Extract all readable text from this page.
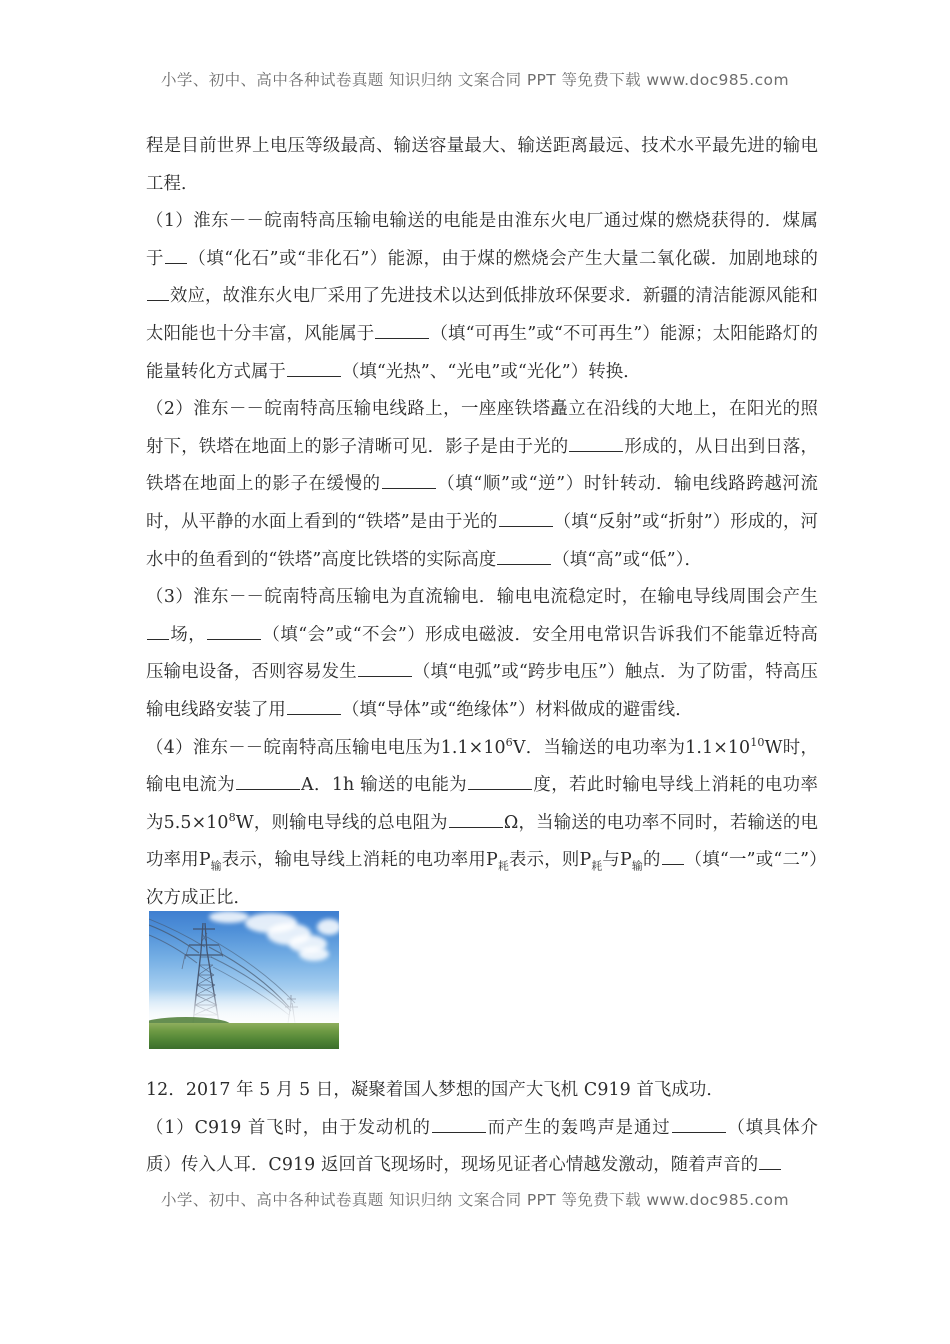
小学、初中、高中各种试卷真题 知识归纳 文案合同 PPT 等免费下载 www.doc985.com

程是目前世界上电压等级最高、输送容量最大、输送距离最远、技术水平最先进的输电工程．

（1）淮东－－皖南特高压输电输送的电能是由淮东火电厂通过煤的燃烧获得的．煤属于 （填“化石”或“非化石”）能源，由于煤的燃烧会产生大量二氧化碳．加剧地球的效应，故淮东火电厂采用了先进技术以达到低排放环保要求．新疆的清洁能源风能和太阳能也十分丰富，风能属于	（填“可再生”或“不可再生”）能源；太阳能路灯的能量转化方式属于	（填“光热”、“光电”或“光化”）转换．

（2）淮东－－皖南特高压输电线路上，一座座铁塔矗立在沿线的大地上，在阳光的照射下，铁塔在地面上的影子清晰可见．影子是由于光的	形成的，从日出到日落，铁塔在地面上的影子在缓慢的	（填“顺”或“逆”）时针转动．输电线路跨越河流时，从平静的水面上看到的“铁塔”是由于光的	（填“反射”或“折射”）形成的，河水中的鱼看到的“铁塔”高度比铁塔的实际高度	（填“高”或“低”）．

（3）淮东－－皖南特高压输电为直流输电．输电电流稳定时，在输电导线周围会产生场，	（填“会”或“不会”）形成电磁波．安全用电常识告诉我们不能靠近特高压输电设备，否则容易发生	（填“电弧”或“跨步电压”）触点．为了防雷，特高压输电线路安装了用	（填“导体”或“绝缘体”）材料做成的避雷线．

（4）淮东－－皖南特高压输电电压为$1.1\times 10^6V$．当输送的电功率为$1.1\times 10^{10}W$时，输电电流为	A．1h 输送的电能为	度，若此时输电导线上消耗的电功率为$5.5\times 10^8W$，则输电导线的总电阻为	Ω，当输送的电功率不同时，若输送的电功率用$P_输$表示，输电导线上消耗的电功率用$P_耗$表示，则$P_耗$与$P_输$的 （填“一”或“二”）次方成正比．

12．2017 年 5 月 5 日，凝聚着国人梦想的国产大飞机 C919 首飞成功．

（1）C919 首飞时，由于发动机的	而产生的轰鸣声是通过	（填具体介质）传入人耳．C919 返回首飞现场时，现场见证者心情越发激动，随着声音的

小学、初中、高中各种试卷真题 知识归纳 文案合同 PPT 等免费下载 www.doc985.com
